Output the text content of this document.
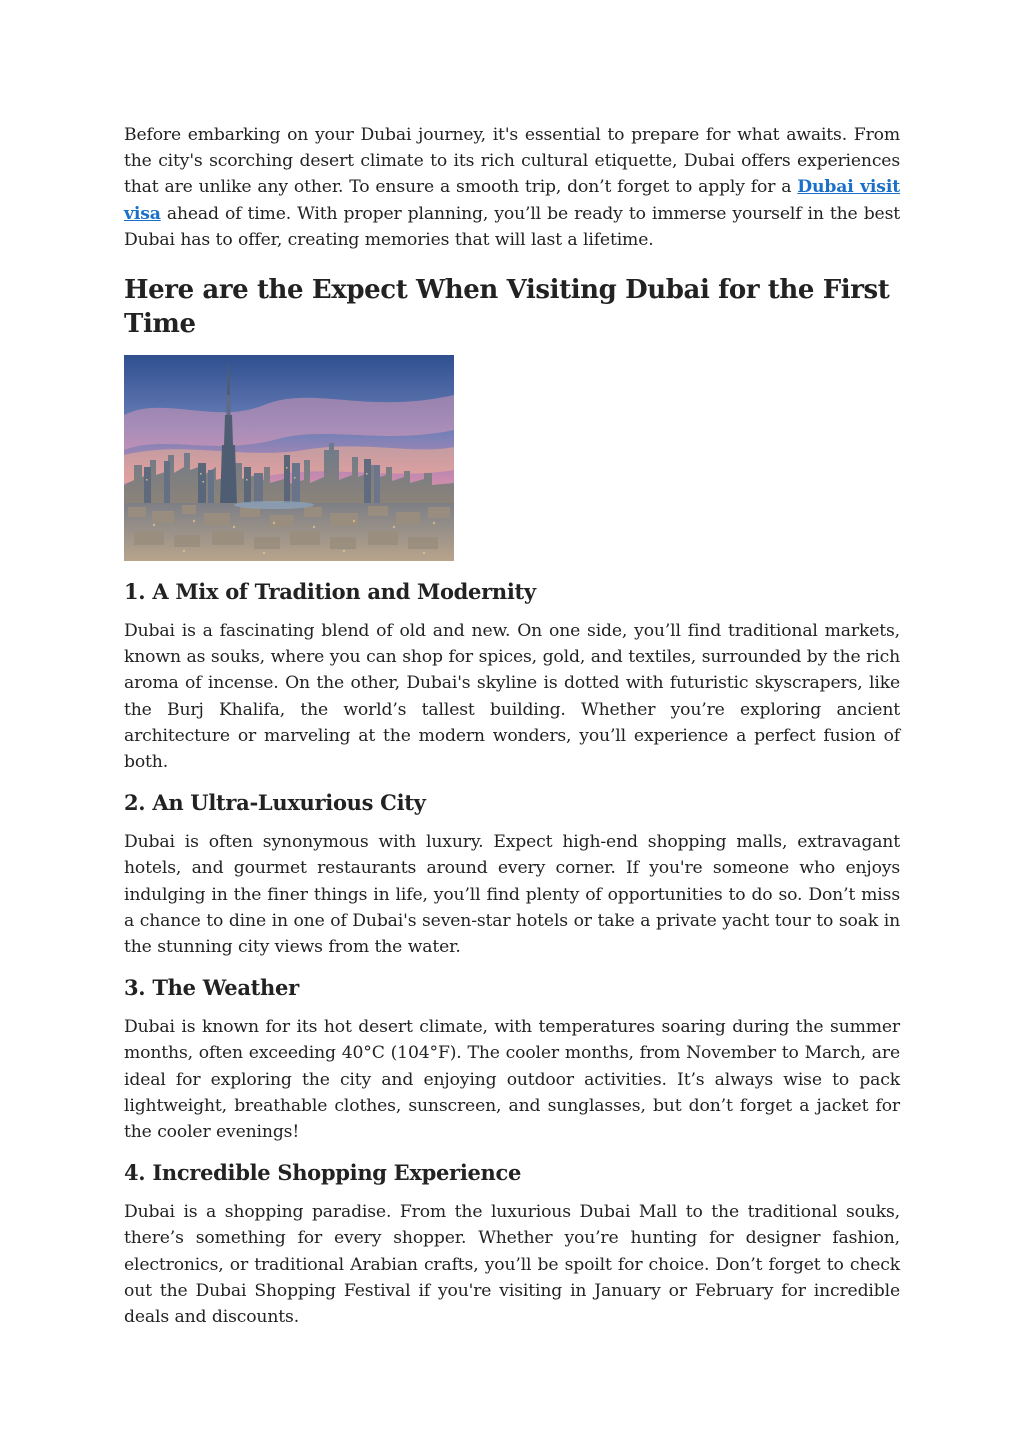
Before embarking on your Dubai journey, it's essential to prepare for what awaits. From the city's scorching desert climate to its rich cultural etiquette, Dubai offers experiences that are unlike any other. To ensure a smooth trip, don’t forget to apply for a Dubai visit visa ahead of time. With proper planning, you’ll be ready to immerse yourself in the best Dubai has to offer, creating memories that will last a lifetime.

Here are the Expect When Visiting Dubai for the First Time
1. A Mix of Tradition and Modernity

Dubai is a fascinating blend of old and new. On one side, you’ll find traditional markets, known as souks, where you can shop for spices, gold, and textiles, surrounded by the rich aroma of incense. On the other, Dubai's skyline is dotted with futuristic skyscrapers, like the Burj Khalifa, the world’s tallest building. Whether you’re exploring ancient architecture or marveling at the modern wonders, you’ll experience a perfect fusion of both.

2. An Ultra-Luxurious City

Dubai is often synonymous with luxury. Expect high-end shopping malls, extravagant hotels, and gourmet restaurants around every corner. If you're someone who enjoys indulging in the finer things in life, you’ll find plenty of opportunities to do so. Don’t miss a chance to dine in one of Dubai's seven-star hotels or take a private yacht tour to soak in the stunning city views from the water.

3. The Weather

Dubai is known for its hot desert climate, with temperatures soaring during the summer months, often exceeding 40°C (104°F). The cooler months, from November to March, are ideal for exploring the city and enjoying outdoor activities. It’s always wise to pack lightweight, breathable clothes, sunscreen, and sunglasses, but don’t forget a jacket for the cooler evenings!

4. Incredible Shopping Experience

Dubai is a shopping paradise. From the luxurious Dubai Mall to the traditional souks, there’s something for every shopper. Whether you’re hunting for designer fashion, electronics, or traditional Arabian crafts, you’ll be spoilt for choice. Don’t forget to check out the Dubai Shopping Festival if you're visiting in January or February for incredible deals and discounts.
